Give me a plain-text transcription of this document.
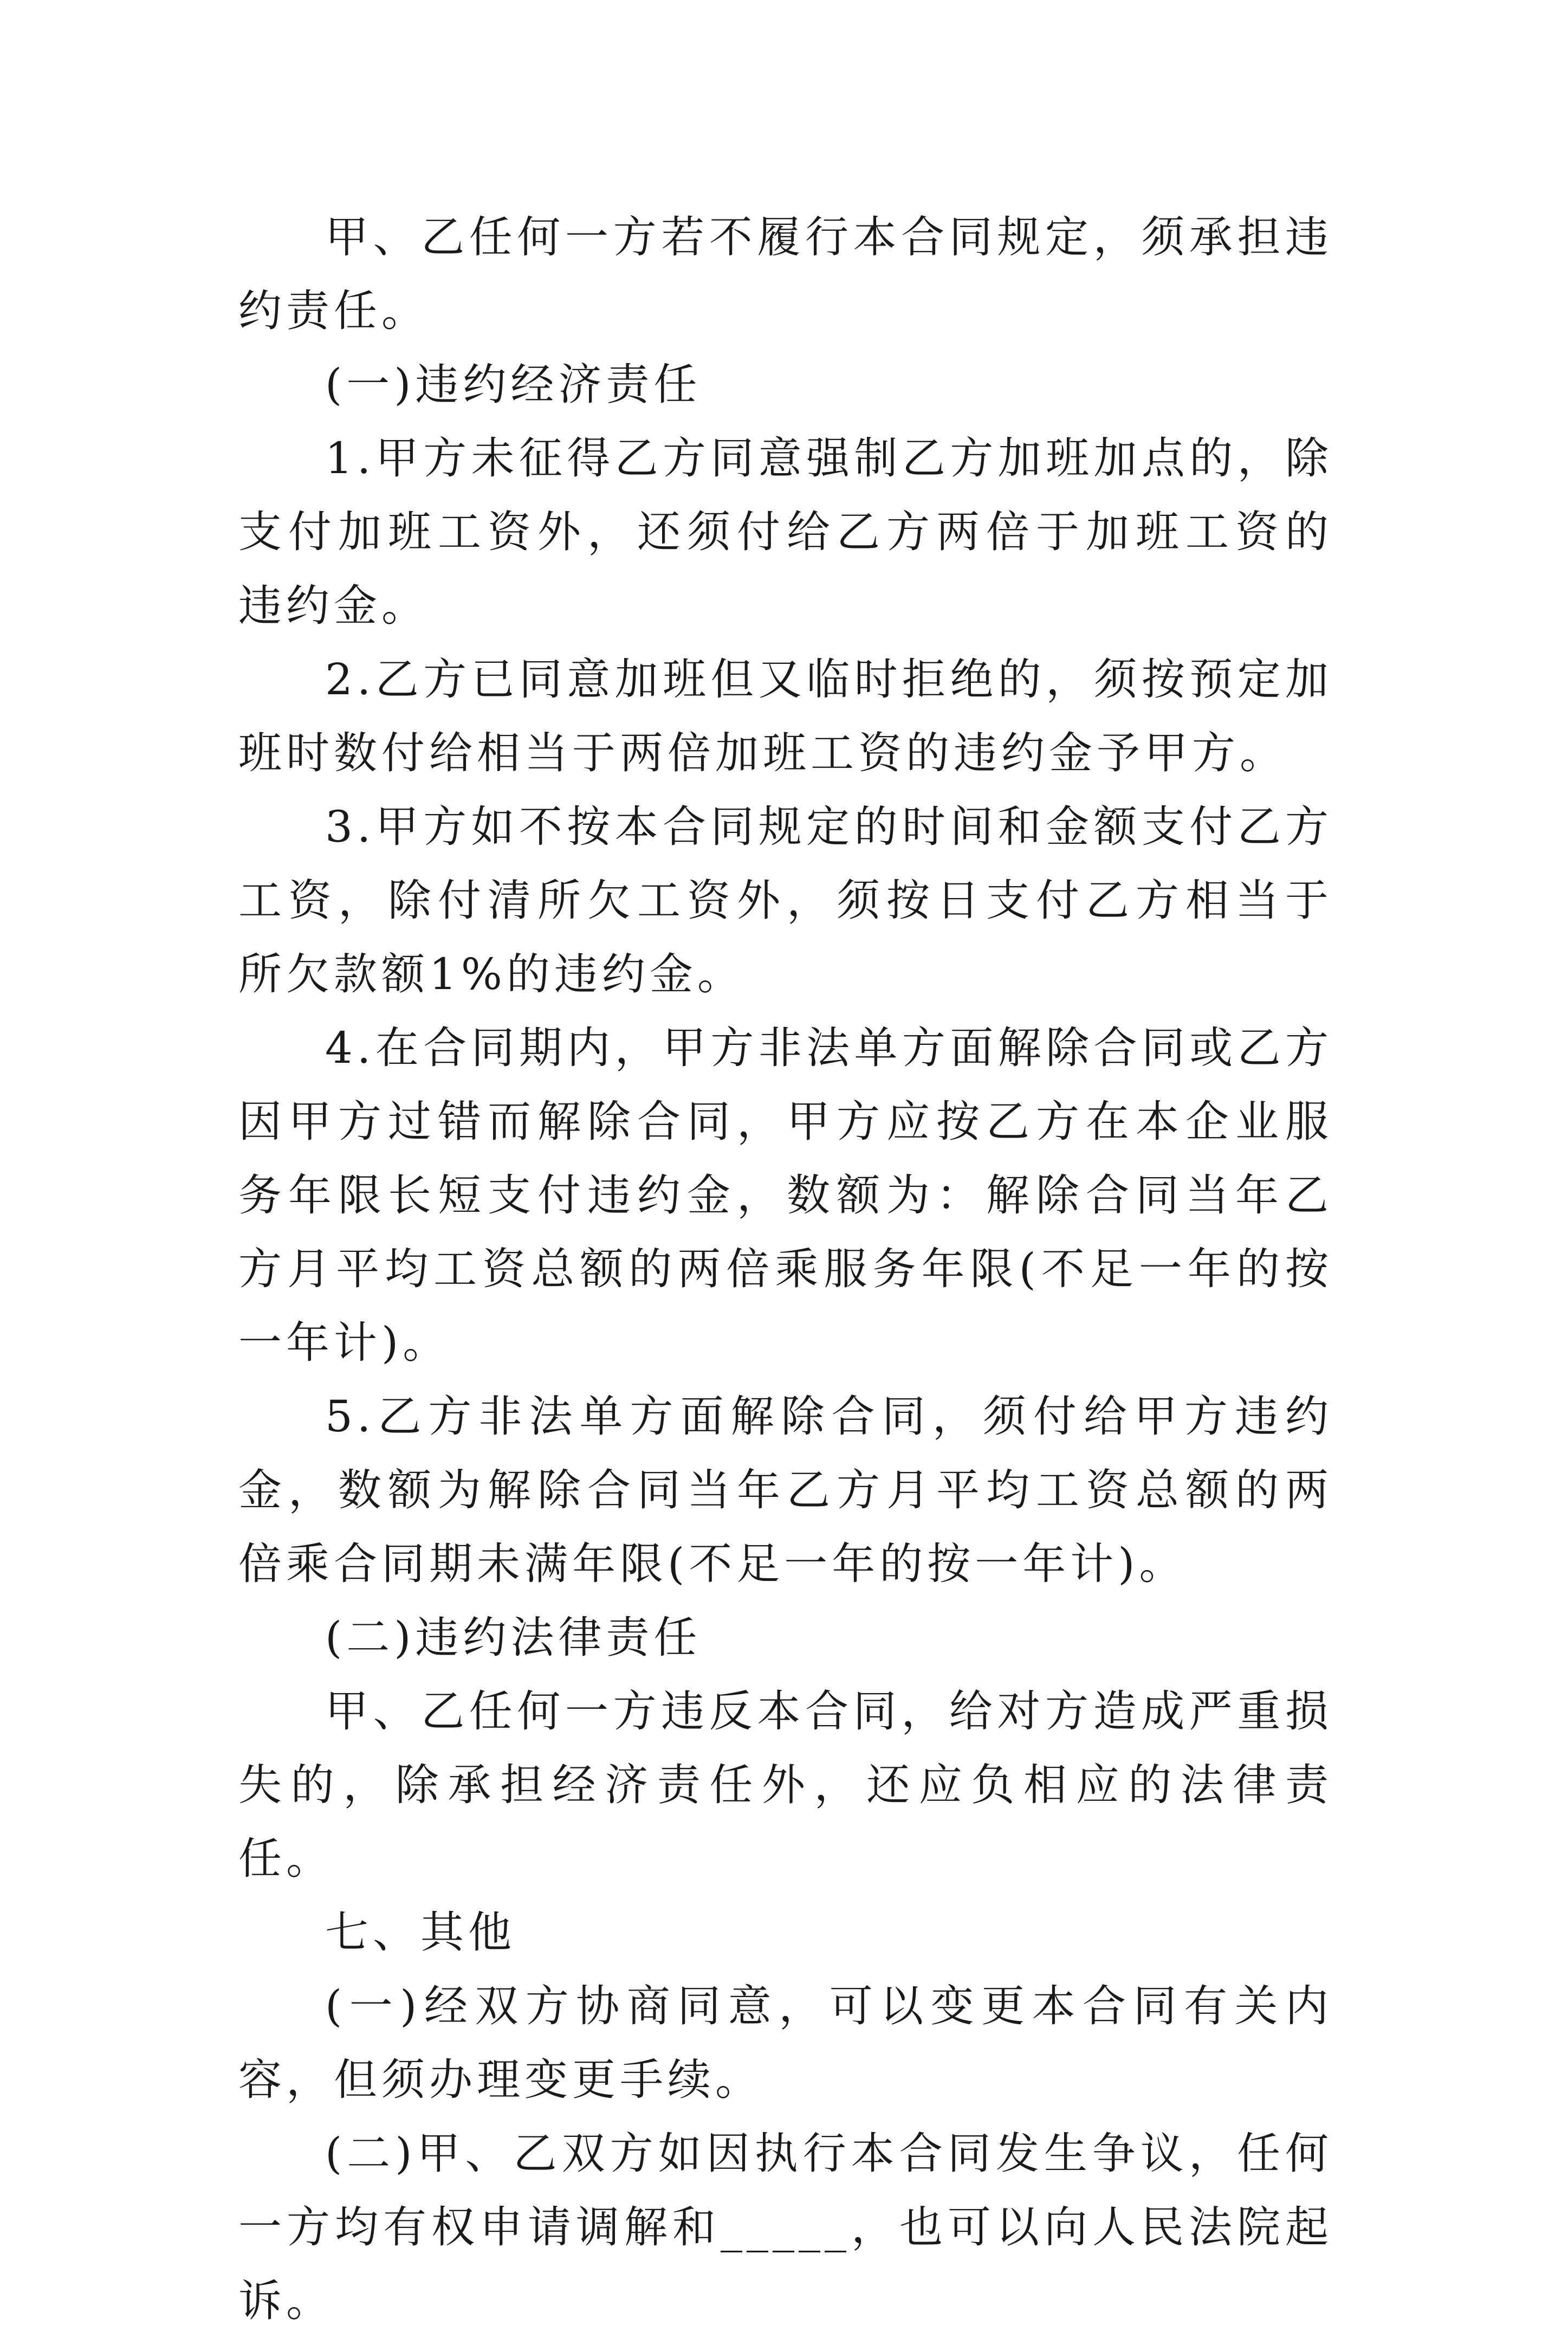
甲、乙任何一方若不履行本合同规定，须承担违约责任。

(一)违约经济责任

1.甲方未征得乙方同意强制乙方加班加点的，除支付加班工资外，还须付给乙方两倍于加班工资的违约金。

2.乙方已同意加班但又临时拒绝的，须按预定加班时数付给相当于两倍加班工资的违约金予甲方。

3.甲方如不按本合同规定的时间和金额支付乙方工资，除付清所欠工资外，须按日支付乙方相当于所欠款额1%的违约金。

4.在合同期内，甲方非法单方面解除合同或乙方因甲方过错而解除合同，甲方应按乙方在本企业服务年限长短支付违约金，数额为：解除合同当年乙方月平均工资总额的两倍乘服务年限(不足一年的按一年计)。

5.乙方非法单方面解除合同，须付给甲方违约金，数额为解除合同当年乙方月平均工资总额的两倍乘合同期未满年限(不足一年的按一年计)。

(二)违约法律责任

甲、乙任何一方违反本合同，给对方造成严重损失的，除承担经济责任外，还应负相应的法律责任。

七、其他

(一)经双方协商同意，可以变更本合同有关内容，但须办理变更手续。

(二)甲、乙双方如因执行本合同发生争议，任何一方均有权申请调解和_____，也可以向人民法院起诉。
